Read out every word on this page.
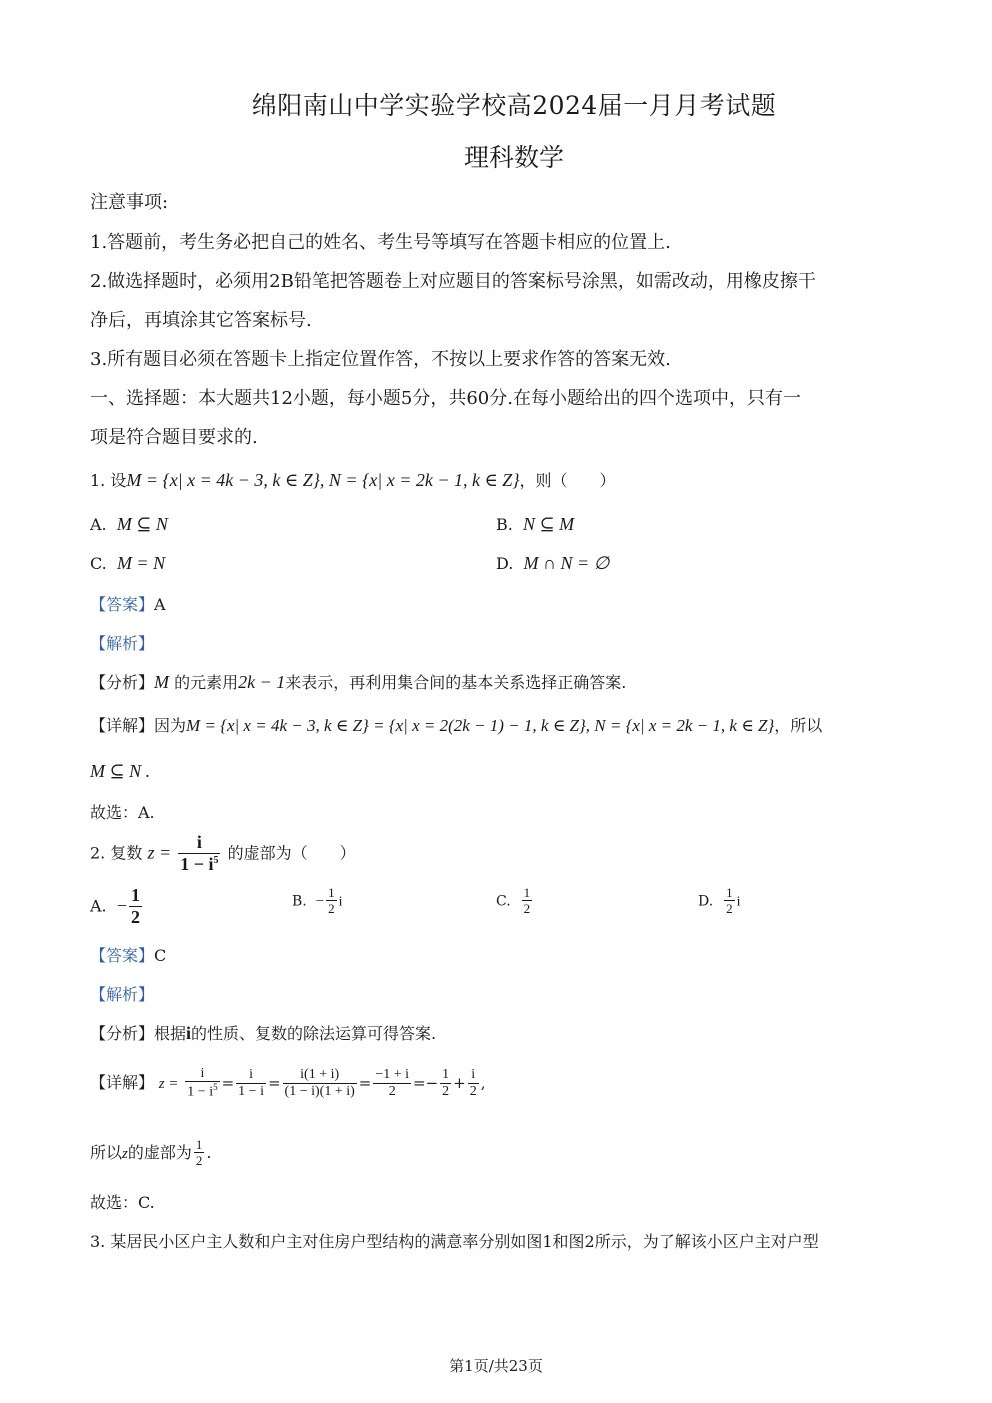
绵阳南山中学实验学校高2024届一月月考试题
理科数学
注意事项:
1.答题前，考生务必把自己的姓名、考生号等填写在答题卡相应的位置上.
2.做选择题时，必须用2B铅笔把答题卷上对应题目的答案标号涂黑，如需改动，用橡皮擦干
净后，再填涂其它答案标号.
3.所有题目必须在答题卡上指定位置作答，不按以上要求作答的答案无效.
一、选择题：本大题共12小题，每小题5分，共60分.在每小题给出的四个选项中，只有一
项是符合题目要求的.
1. 设M = {x| x = 4k − 3, k ∈ Z}, N = {x| x = 2k − 1, k ∈ Z}，则（　　）
A. M ⊆ N	B. N ⊆ M
C. M = N	D. M ∩ N = ∅
【答案】A
【解析】
【分析】M 的元素用2k − 1来表示，再利用集合间的基本关系选择正确答案.
【详解】因为M = {x| x = 4k − 3, k ∈ Z} = {x| x = 2(2k − 1) − 1, k ∈ Z}, N = {x| x = 2k − 1, k ∈ Z}，所以
M ⊆ N .
故选：A.
2. 复数 $z = \frac{i}{1 - i^5}$ 的虚部为（　　）
A. − $\frac{1}{2}$	B. − $\frac{1}{2}$ i	C. $\frac{1}{2}$	D. $\frac{1}{2}$ i
【答案】C
【解析】
【分析】根据i的性质、复数的除法运算可得答案.
【详解】 $z = \frac{i}{1 - i^5} = \frac{i}{1 - i} = \frac{i(1 + i)}{(1 - i)(1 + i)} = \frac{-1 + i}{2} =- \frac{1}{2} + \frac{i}{2}$ ,
所以z的虚部为 $\frac{1}{2}$ .
故选：C.
3. 某居民小区户主人数和户主对住房户型结构的满意率分别如图1和图2所示，为了解该小区户主对户型
第1页/共23页
